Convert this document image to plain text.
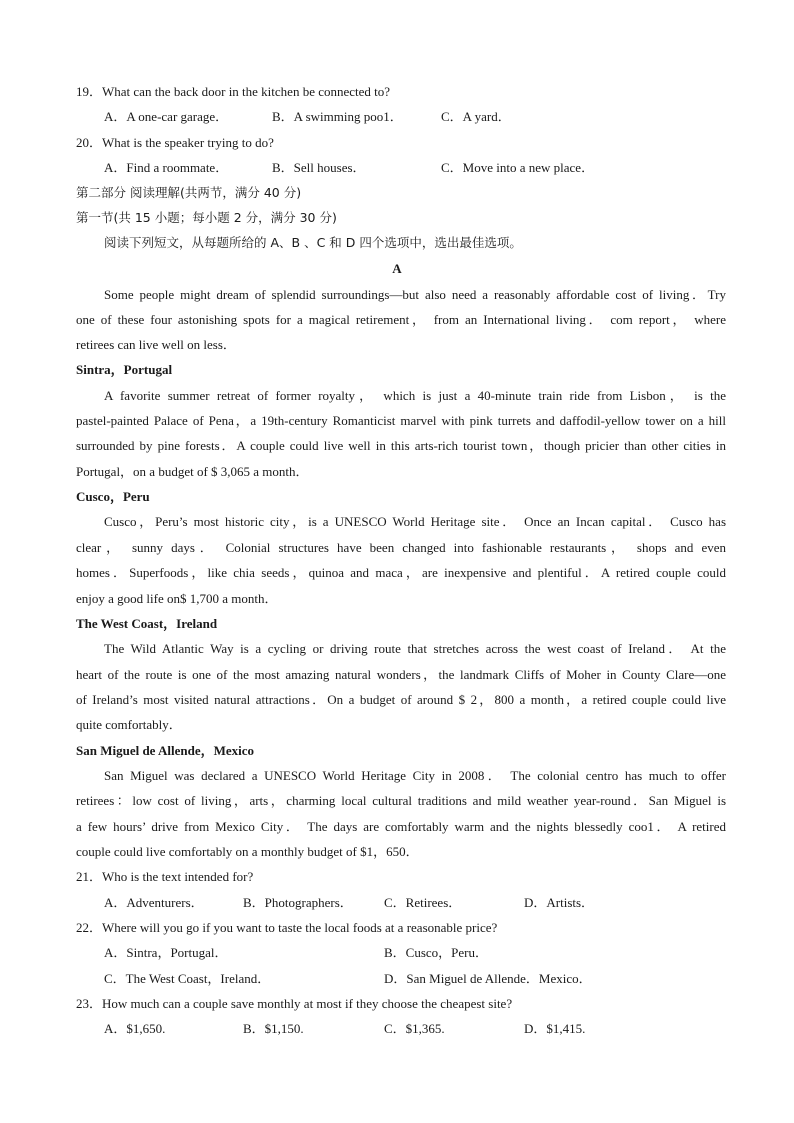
19．What can the back door in the kitchen be connected to?
A．A one-car garage．	B．A swimming poo1．	C．A yard．
20．What is the speaker trying to do?
A．Find a roommate．	B．Sell houses．	C．Move into a new place．
第二部分 阅读理解(共两节，满分 40 分)
第一节(共 15 小题；每小题 2 分，满分 30 分)
阅读下列短文，从每题所给的 A、B 、C 和 D 四个选项中，选出最佳选项。
A
Some people might dream of splendid surroundings—but also need a reasonably affordable cost of living．Try
one of these four astonishing spots for a magical retirement， from an International living． com report， where
retirees can live well on less．
Sintra，Portugal
A favorite summer retreat of former royalty， which is just a 40-minute train ride from Lisbon， is the
pastel-painted Palace of Pena，a 19th-century Romanticist marvel with pink turrets and daffodil-yellow tower on a hill
surrounded by pine forests．A couple could live well in this arts-rich tourist town，though pricier than other cities in
Portugal，on a budget of $ 3,065 a month．
Cusco，Peru
Cusco，Peru’s most historic city，is a UNESCO World Heritage site． Once an Incan capital． Cusco has
clear， sunny days． Colonial structures have been changed into fashionable restaurants， shops and even
homes．Superfoods，like chia seeds，quinoa and maca，are inexpensive and plentiful．A retired couple could
enjoy a good life on$ 1,700 a month．
The West Coast，Ireland
The Wild Atlantic Way is a cycling or driving route that stretches across the west coast of Ireland． At the
heart of the route is one of the most amazing natural wonders，the landmark Cliffs of Moher in County Clare—one
of Ireland’s most visited natural attractions．On a budget of around $ 2，800 a month，a retired couple could live
quite comfortably．
San Miguel de Allende，Mexico
San Miguel was declared a UNESCO World Heritage City in 2008． The colonial centro has much to offer
retirees：low cost of living，arts，charming local cultural traditions and mild weather year-round．San Miguel is
a few hours’ drive from Mexico City． The days are comfortably warm and the nights blessedly coo1． A retired
couple could live comfortably on a monthly budget of $1，650．
21．Who is the text intended for?
A．Adventurers．	B．Photographers． C．Retirees．	D．Artists．
22．Where will you go if you want to taste the local foods at a reasonable price?
A．Sintra，Portugal．	B．Cusco，Peru．
C．The West Coast，Ireland．	D．San Miguel de Allende．Mexico．
23．How much can a couple save monthly at most if they choose the cheapest site?
A．$1,650.	B．$1,150.	C．$1,365.	D．$1,415.
